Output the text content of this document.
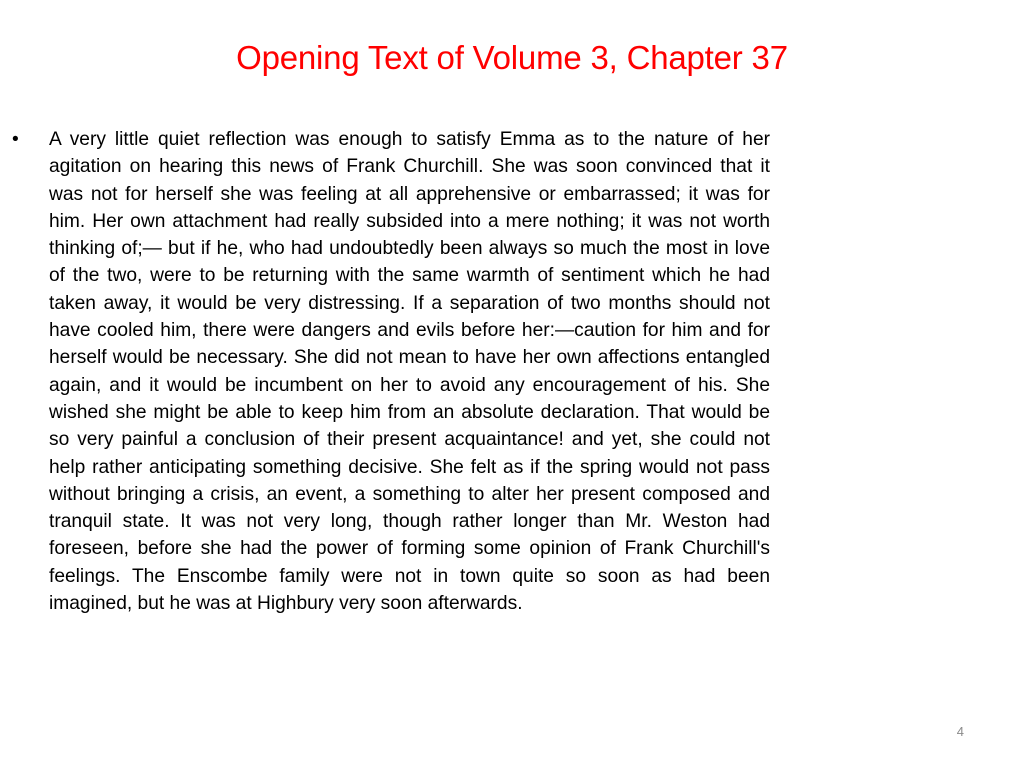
Opening Text of Volume 3, Chapter 37
•	A very little quiet reflection was enough to satisfy Emma as to the nature of her agitation on hearing this news of Frank Churchill. She was soon convinced that it was not for herself she was feeling at all apprehensive or embarrassed; it was for him. Her own attachment had really subsided into a mere nothing; it was not worth thinking of;— but if he, who had undoubtedly been always so much the most in love of the two, were to be returning with the same warmth of sentiment which he had taken away, it would be very distressing. If a separation of two months should not have cooled him, there were dangers and evils before her:—caution for him and for herself would be necessary. She did not mean to have her own affections entangled again, and it would be incumbent on her to avoid any encouragement of his. She wished she might be able to keep him from an absolute declaration. That would be so very painful a conclusion of their present acquaintance! and yet, she could not help rather anticipating something decisive. She felt as if the spring would not pass without bringing a crisis, an event, a something to alter her present composed and tranquil state. It was not very long, though rather longer than Mr. Weston had foreseen, before she had the power of forming some opinion of Frank Churchill's feelings. The Enscombe family were not in town quite so soon as had been imagined, but he was at Highbury very soon afterwards.
4
